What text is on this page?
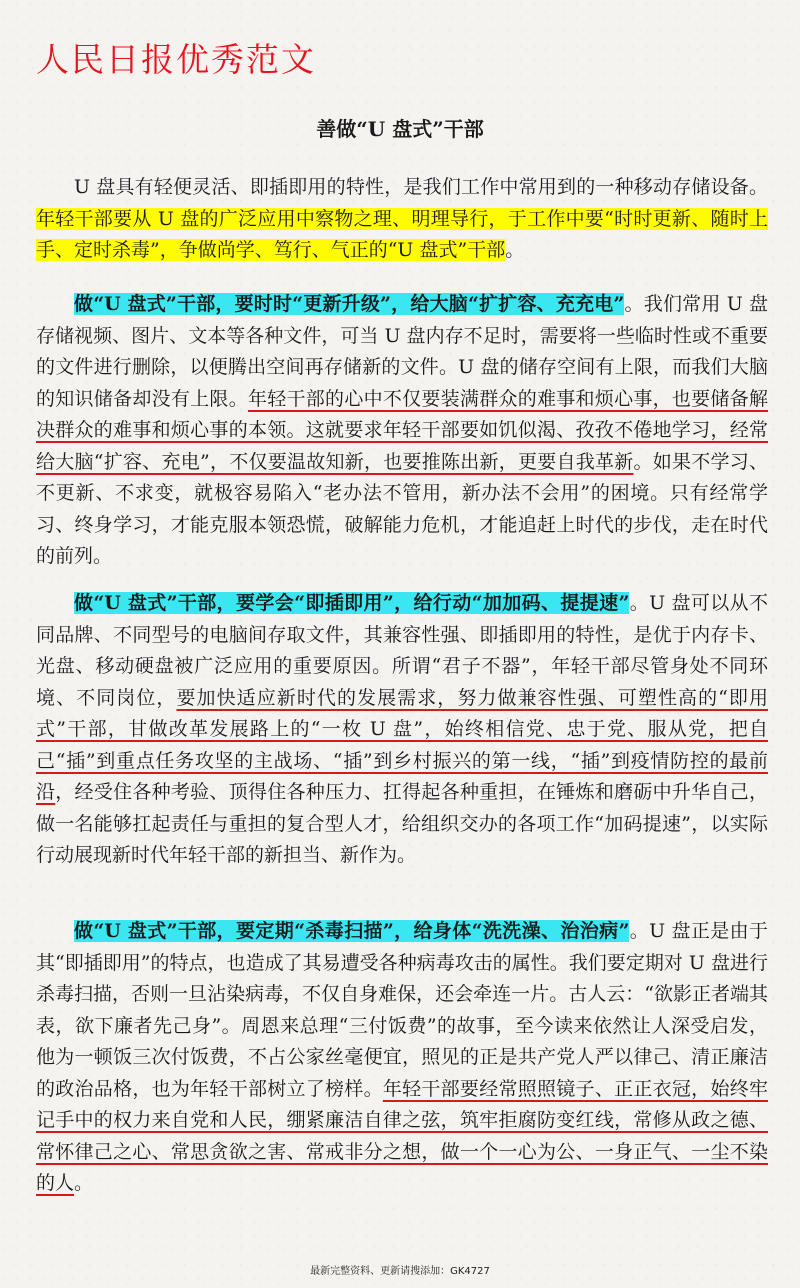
人民日报优秀范文
善做“U 盘式”干部

U 盘具有轻便灵活、即插即用的特性，是我们工作中常用到的一种移动存储设备。年轻干部要从 U 盘的广泛应用中察物之理、明理导行，于工作中要“时时更新、随时上手、定时杀毒”，争做尚学、笃行、气正的“U 盘式”干部。

做“U 盘式”干部，要时时“更新升级”，给大脑“扩扩容、充充电”。我们常用 U 盘存储视频、图片、文本等各种文件，可当 U 盘内存不足时，需要将一些临时性或不重要的文件进行删除，以便腾出空间再存储新的文件。U 盘的储存空间有上限，而我们大脑的知识储备却没有上限。年轻干部的心中不仅要装满群众的难事和烦心事，也要储备解决群众的难事和烦心事的本领。这就要求年轻干部要如饥似渴、孜孜不倦地学习，经常给大脑“扩容、充电”，不仅要温故知新，也要推陈出新，更要自我革新。如果不学习、不更新、不求变，就极容易陷入“老办法不管用，新办法不会用”的困境。只有经常学习、终身学习，才能克服本领恐慌，破解能力危机，才能追赶上时代的步伐，走在时代的前列。

做“U 盘式”干部，要学会“即插即用”，给行动“加加码、提提速”。U 盘可以从不同品牌、不同型号的电脑间存取文件，其兼容性强、即插即用的特性，是优于内存卡、光盘、移动硬盘被广泛应用的重要原因。所谓“君子不器”，年轻干部尽管身处不同环境、不同岗位，要加快适应新时代的发展需求，努力做兼容性强、可塑性高的“即用式”干部，甘做改革发展路上的“一枚 U 盘”，始终相信党、忠于党、服从党，把自己“插”到重点任务攻坚的主战场、“插”到乡村振兴的第一线，“插”到疫情防控的最前沿，经受住各种考验、顶得住各种压力、扛得起各种重担，在锤炼和磨砺中升华自己，做一名能够扛起责任与重担的复合型人才，给组织交办的各项工作“加码提速”，以实际行动展现新时代年轻干部的新担当、新作为。

做“U 盘式”干部，要定期“杀毒扫描”，给身体“洗洗澡、治治病”。U 盘正是由于其“即插即用”的特点，也造成了其易遭受各种病毒攻击的属性。我们要定期对 U 盘进行杀毒扫描，否则一旦沾染病毒，不仅自身难保，还会牵连一片。古人云：“欲影正者端其表，欲下廉者先己身”。周恩来总理“三付饭费”的故事，至今读来依然让人深受启发，他为一顿饭三次付饭费，不占公家丝毫便宜，照见的正是共产党人严以律己、清正廉洁的政治品格，也为年轻干部树立了榜样。年轻干部要经常照照镜子、正正衣冠，始终牢记手中的权力来自党和人民，绷紧廉洁自律之弦，筑牢拒腐防变红线，常修从政之德、常怀律己之心、常思贪欲之害、常戒非分之想，做一个一心为公、一身正气、一尘不染的人。

最新完整资料、更新请搜添加：GK4727
